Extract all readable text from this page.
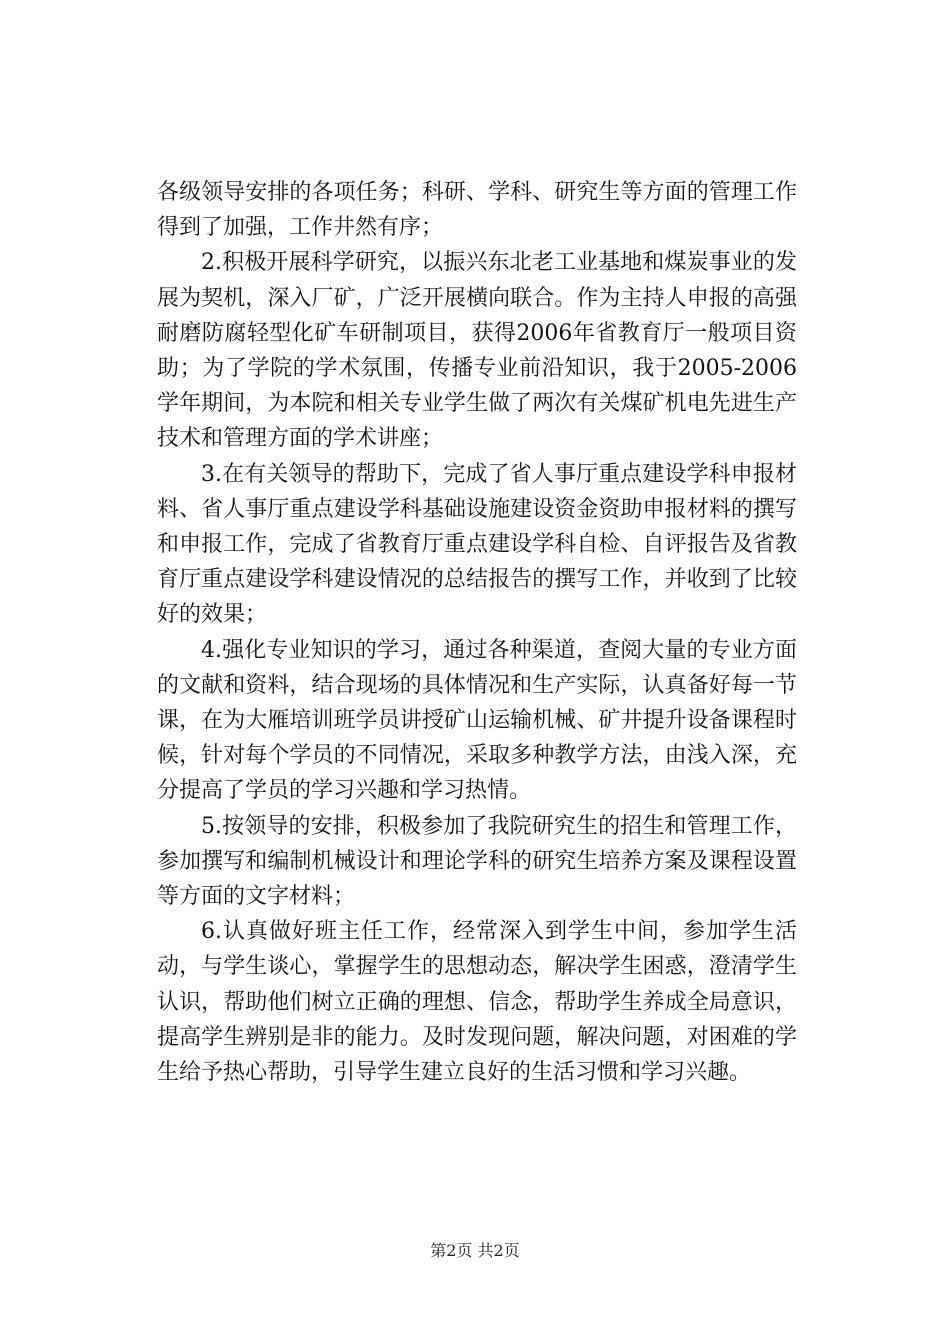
各级领导安排的各项任务；科研、学科、研究生等方面的管理工作得到了加强，工作井然有序；

2.积极开展科学研究，以振兴东北老工业基地和煤炭事业的发展为契机，深入厂矿，广泛开展横向联合。作为主持人申报的高强耐磨防腐轻型化矿车研制项目，获得2006年省教育厅一般项目资助；为了学院的学术氛围，传播专业前沿知识，我于2005-2006学年期间，为本院和相关专业学生做了两次有关煤矿机电先进生产技术和管理方面的学术讲座；

3.在有关领导的帮助下，完成了省人事厅重点建设学科申报材料、省人事厅重点建设学科基础设施建设资金资助申报材料的撰写和申报工作，完成了省教育厅重点建设学科自检、自评报告及省教育厅重点建设学科建设情况的总结报告的撰写工作，并收到了比较好的效果；

4.强化专业知识的学习，通过各种渠道，查阅大量的专业方面的文献和资料，结合现场的具体情况和生产实际，认真备好每一节课，在为大雁培训班学员讲授矿山运输机械、矿井提升设备课程时候，针对每个学员的不同情况，采取多种教学方法，由浅入深，充分提高了学员的学习兴趣和学习热情。

5.按领导的安排，积极参加了我院研究生的招生和管理工作，参加撰写和编制机械设计和理论学科的研究生培养方案及课程设置等方面的文字材料；

6.认真做好班主任工作，经常深入到学生中间，参加学生活动，与学生谈心，掌握学生的思想动态，解决学生困惑，澄清学生认识，帮助他们树立正确的理想、信念，帮助学生养成全局意识，提高学生辨别是非的能力。及时发现问题，解决问题，对困难的学生给予热心帮助，引导学生建立良好的生活习惯和学习兴趣。

第2页 共2页
